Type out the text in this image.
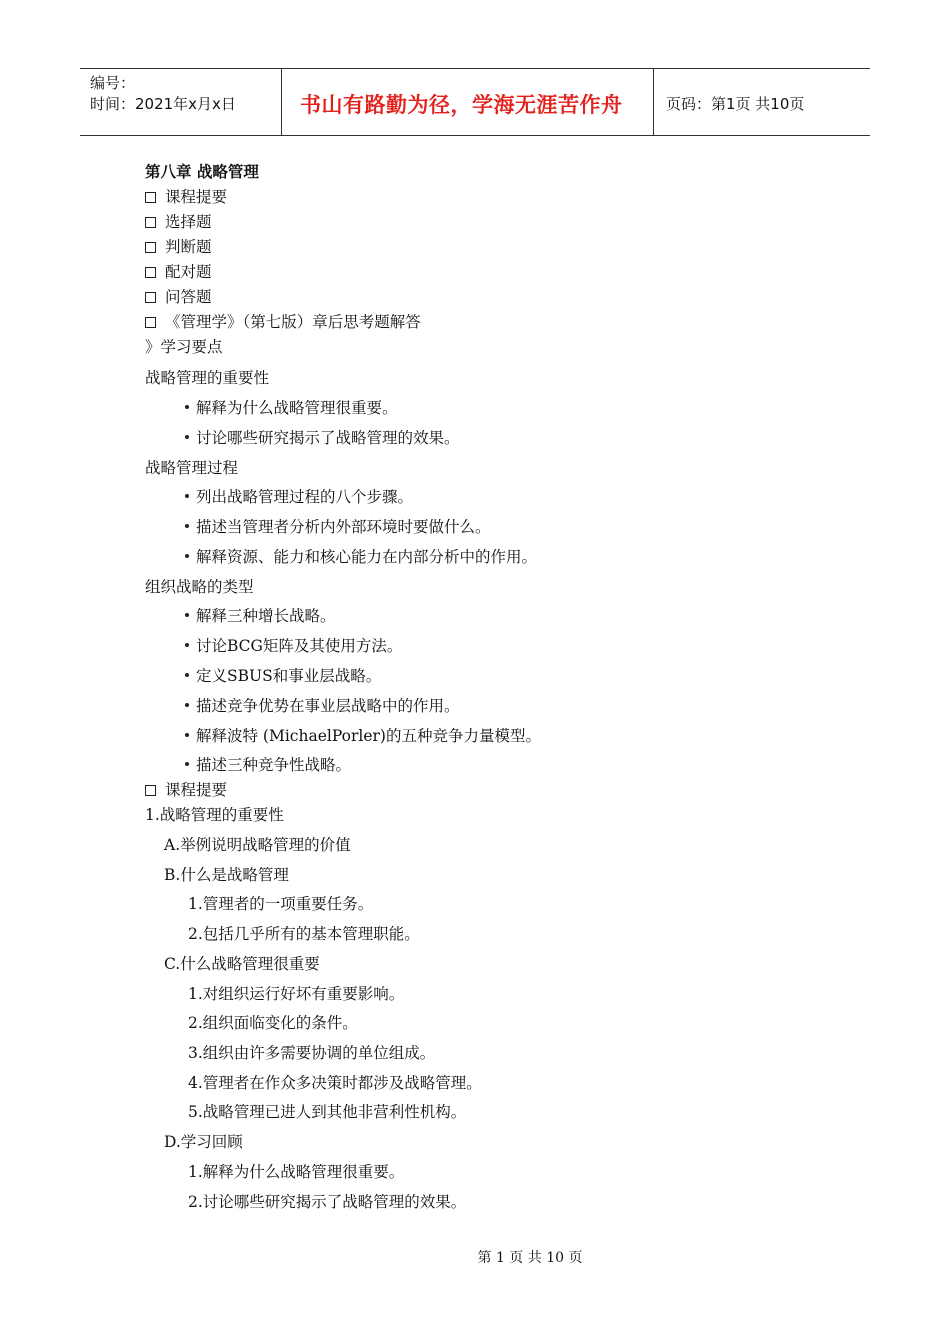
编号：
时间：2021年x月x日	书山有路勤为径，学海无涯苦作舟	页码：第1页 共10页
第八章 战略管理
课程提要
选择题
判断题
配对题
问答题
《管理学》（第七版）章后思考题解答
》学习要点
战略管理的重要性
解释为什么战略管理很重要。
讨论哪些研究揭示了战略管理的效果。
战略管理过程
列出战略管理过程的八个步骤。
描述当管理者分析内外部环境时要做什么。
解释资源、能力和核心能力在内部分析中的作用。
组织战略的类型
解释三种增长战略。
讨论BCG矩阵及其使用方法。
定义SBUS和事业层战略。
描述竞争优势在事业层战略中的作用。
解释波特 (MichaelPorler)的五种竞争力量模型。
描述三种竞争性战略。
课程提要
1.战略管理的重要性
A.举例说明战略管理的价值
B.什么是战略管理
1.管理者的一项重要任务。
2.包括几乎所有的基本管理职能。
C.什么战略管理很重要
1.对组织运行好坏有重要影响。
2.组织面临变化的条件。
3.组织由许多需要协调的单位组成。
4.管理者在作众多决策时都涉及战略管理。
5.战略管理已进人到其他非营利性机构。
D.学习回顾
1.解释为什么战略管理很重要。
2.讨论哪些研究揭示了战略管理的效果。
第 1 页 共 10 页
